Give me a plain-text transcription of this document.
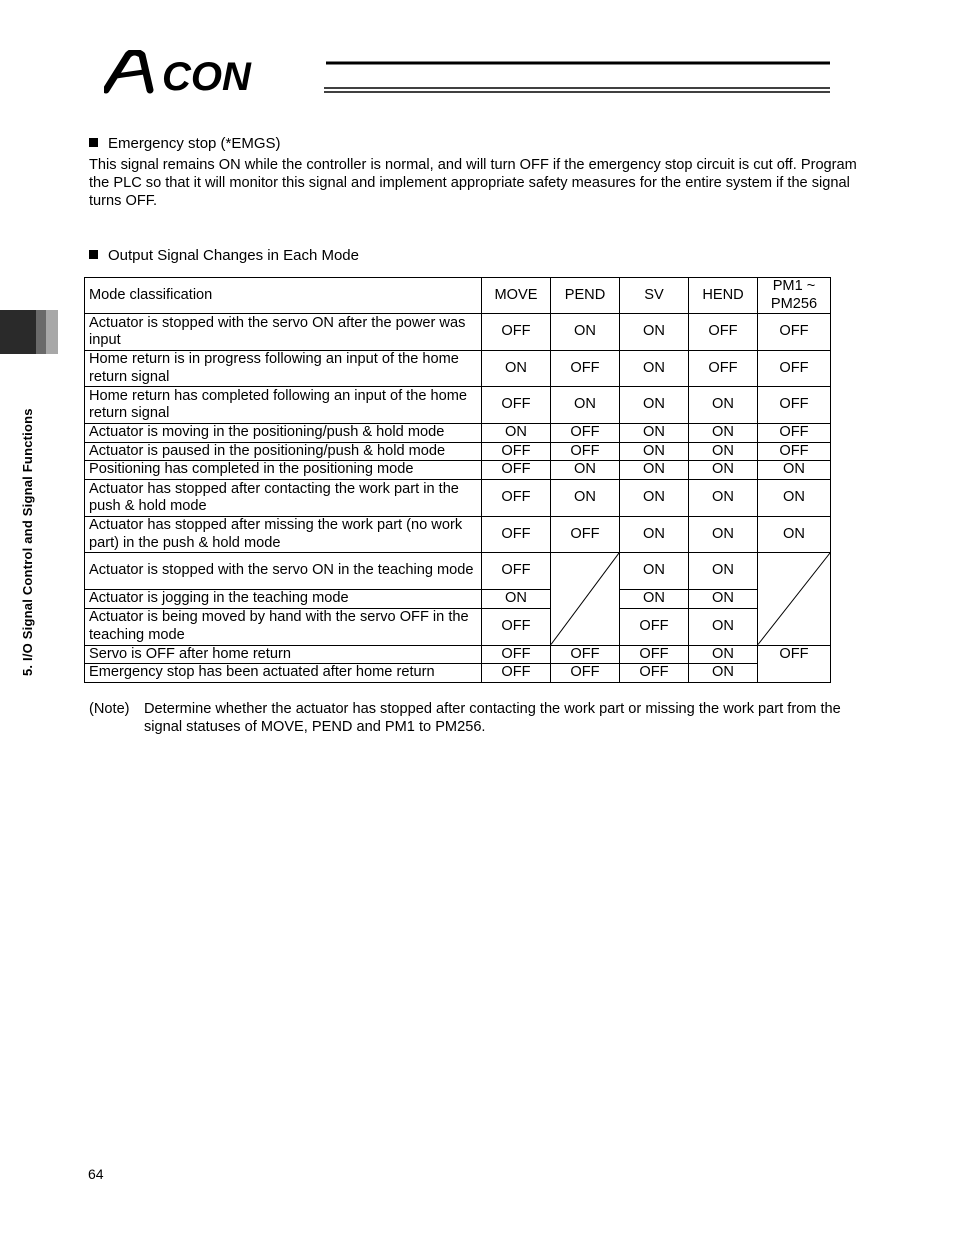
CON
5. I/O Signal Control and Signal Functions
Emergency stop (*EMGS)
This signal remains ON while the controller is normal, and will turn OFF if the emergency stop circuit is cut off. Program the PLC so that it will monitor this signal and implement appropriate safety measures for the entire system if the signal turns OFF.
Output Signal Changes in Each Mode
Mode classification	MOVE	PEND	SV	HEND	PM1 ~ PM256
Actuator is stopped with the servo ON after the power was input	OFF	ON	ON	OFF	OFF
Home return is in progress following an input of the home return signal	ON	OFF	ON	OFF	OFF
Home return has completed following an input of the home return signal	OFF	ON	ON	ON	OFF
Actuator is moving in the positioning/push & hold mode	ON	OFF	ON	ON	OFF
Actuator is paused in the positioning/push & hold mode	OFF	OFF	ON	ON	OFF
Positioning has completed in the positioning mode	OFF	ON	ON	ON	ON
Actuator has stopped after contacting the work part in the push & hold mode	OFF	ON	ON	ON	ON
Actuator has stopped after missing the work part (no work part) in the push & hold mode	OFF	OFF	ON	ON	ON
Actuator is stopped with the servo ON in the teaching mode	OFF		ON	ON	

Actuator is jogging in the teaching mode	ON		ON	ON	
Actuator is being moved by hand with the servo OFF in the teaching mode	OFF		OFF	ON	
Servo is OFF after home return	OFF	OFF	OFF	ON	OFF
Emergency stop has been actuated after home return	OFF	OFF	OFF	ON	
(Note) Determine whether the actuator has stopped after contacting the work part or missing the work part from the signal statuses of MOVE, PEND and PM1 to PM256.
64
